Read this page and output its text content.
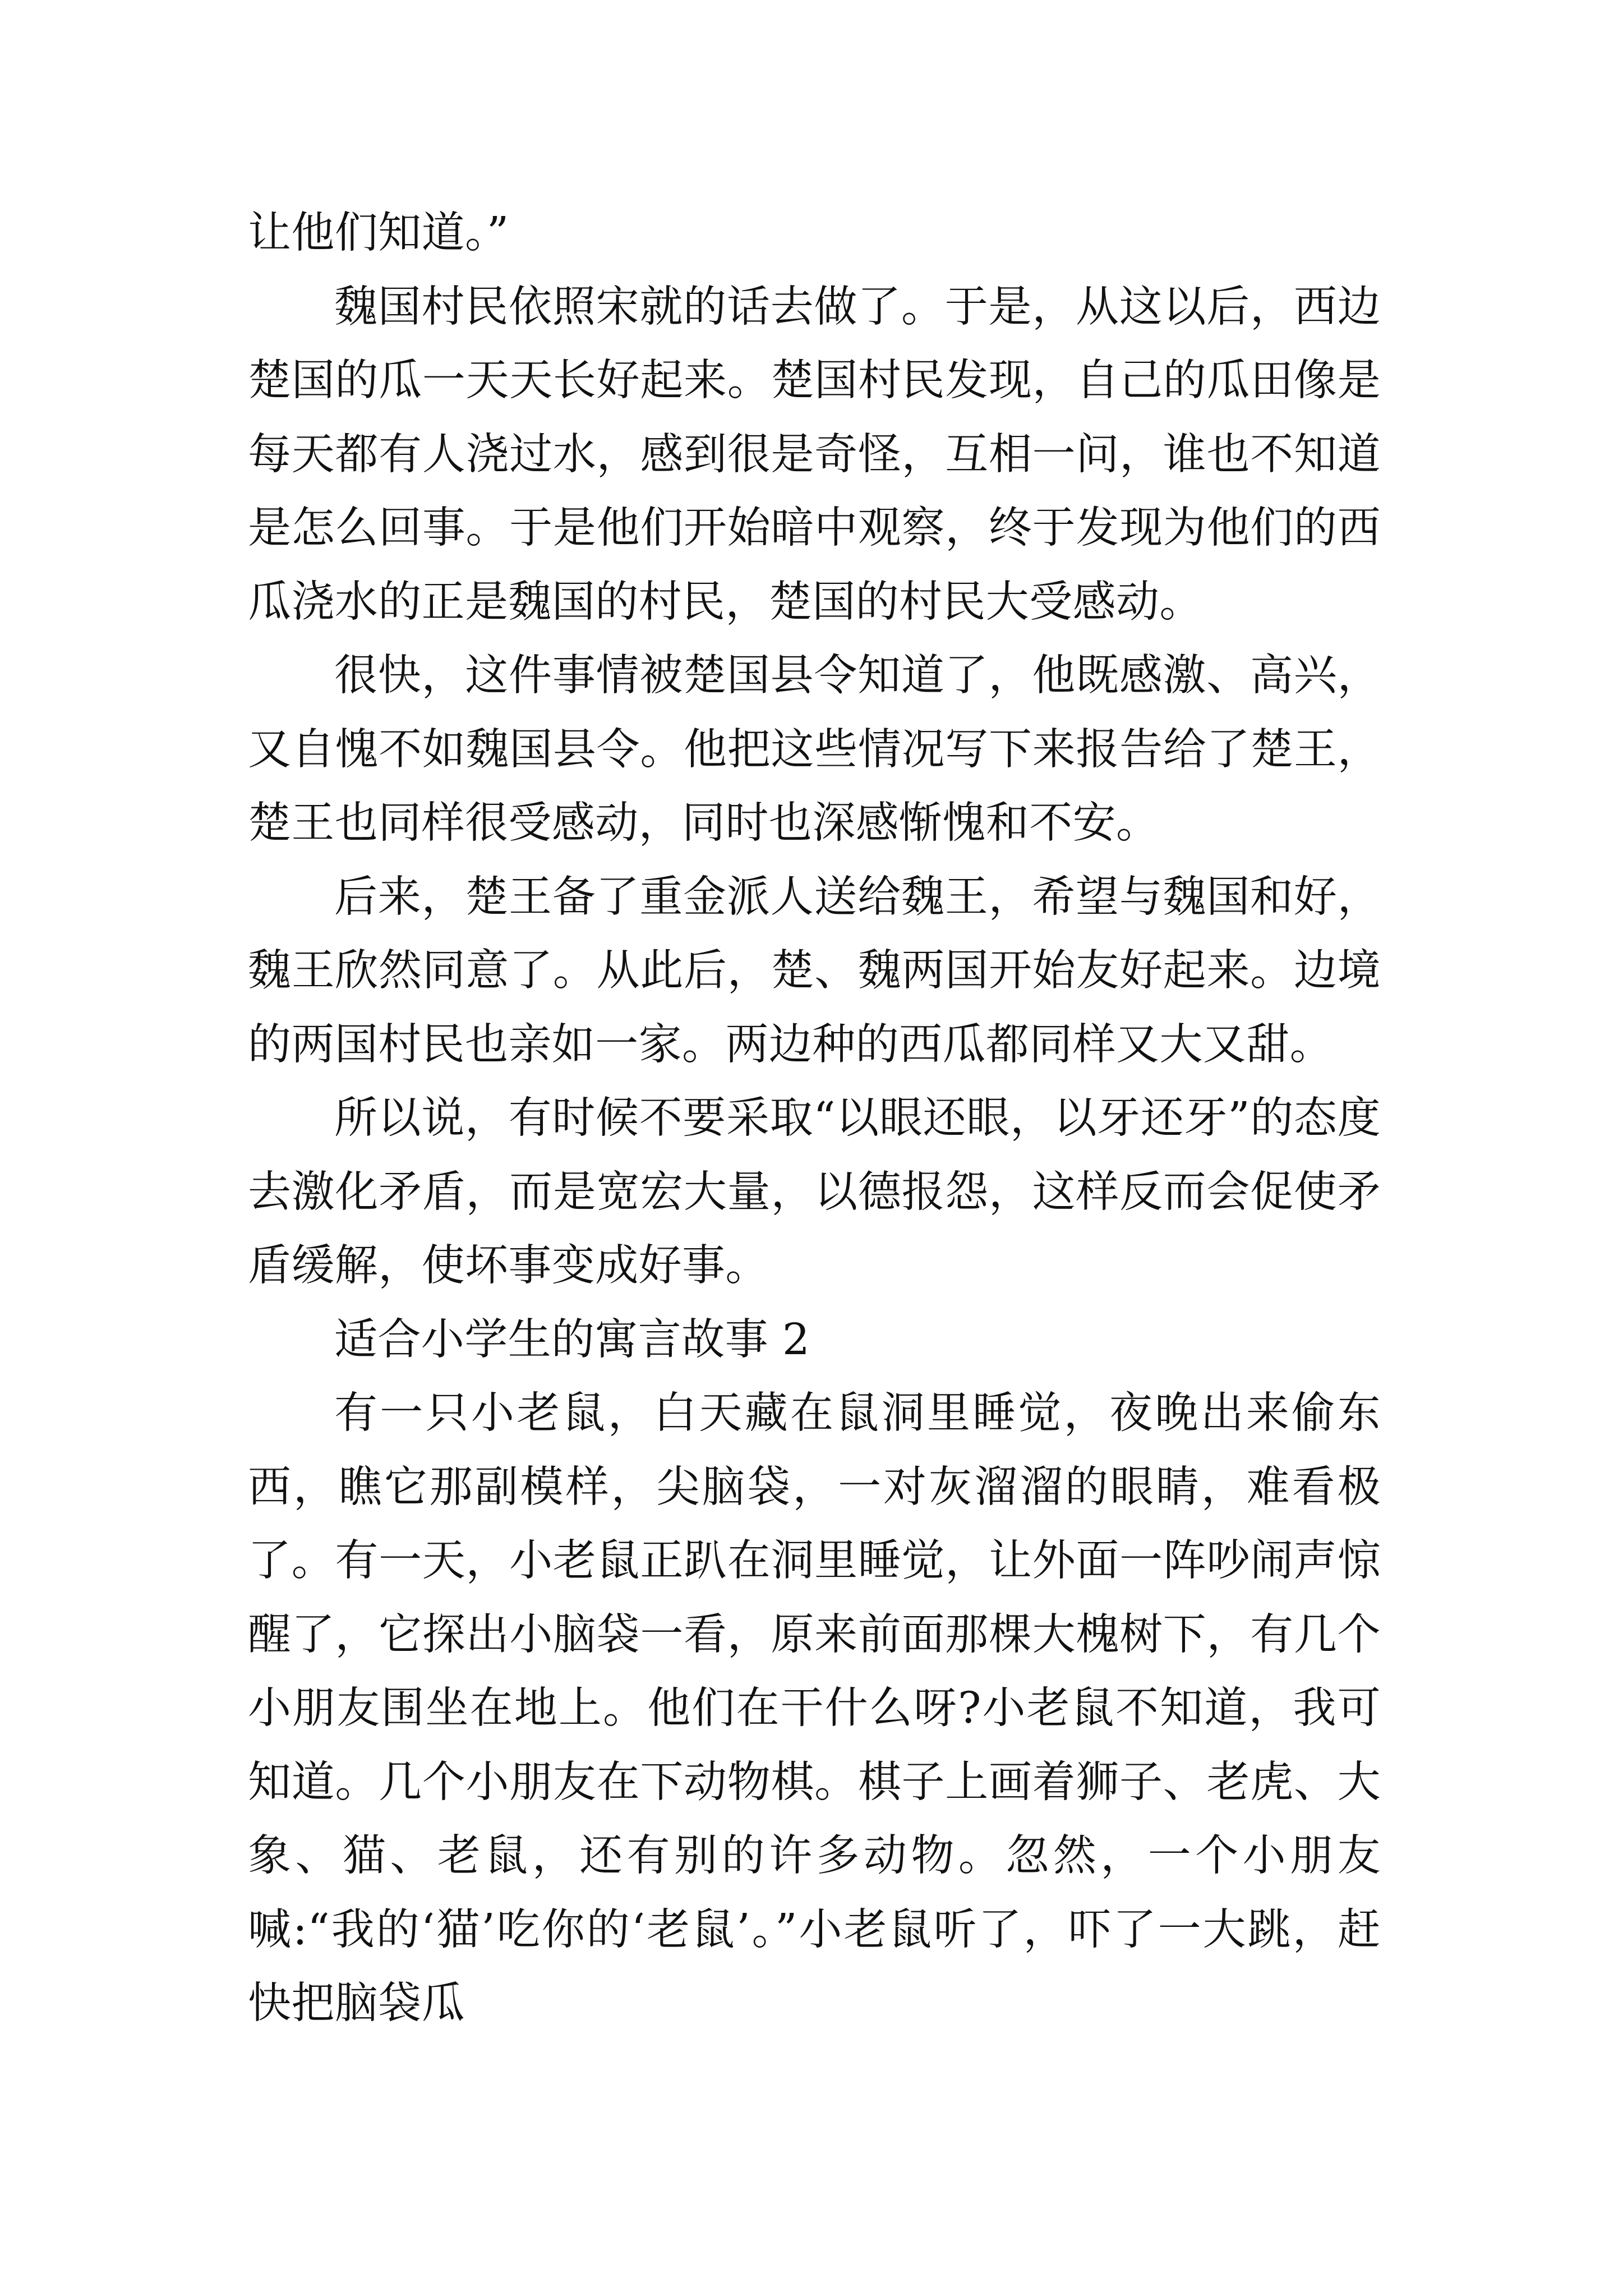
让他们知道。”

魏国村民依照宋就的话去做了。于是，从这以后，西边楚国的瓜一天天长好起来。楚国村民发现，自己的瓜田像是每天都有人浇过水，感到很是奇怪，互相一问，谁也不知道是怎么回事。于是他们开始暗中观察，终于发现为他们的西瓜浇水的正是魏国的村民，楚国的村民大受感动。

很快，这件事情被楚国县令知道了，他既感激、高兴，又自愧不如魏国县令。他把这些情况写下来报告给了楚王，楚王也同样很受感动，同时也深感惭愧和不安。

后来，楚王备了重金派人送给魏王，希望与魏国和好，魏王欣然同意了。从此后，楚、魏两国开始友好起来。边境的两国村民也亲如一家。两边种的西瓜都同样又大又甜。

所以说，有时候不要采取“以眼还眼，以牙还牙”的态度去激化矛盾，而是宽宏大量，以德报怨，这样反而会促使矛盾缓解，使坏事变成好事。

适合小学生的寓言故事 2

有一只小老鼠，白天藏在鼠洞里睡觉，夜晚出来偷东西，瞧它那副模样，尖脑袋，一对灰溜溜的眼睛，难看极了。有一天，小老鼠正趴在洞里睡觉，让外面一阵吵闹声惊醒了，它探出小脑袋一看，原来前面那棵大槐树下，有几个小朋友围坐在地上。他们在干什么呀?小老鼠不知道，我可知道。几个小朋友在下动物棋。棋子上画着狮子、老虎、大象、猫、老鼠，还有别的许多动物。忽然，一个小朋友喊:“我的‘猫’吃你的‘老鼠’。”小老鼠听了，吓了一大跳，赶快把脑袋瓜
